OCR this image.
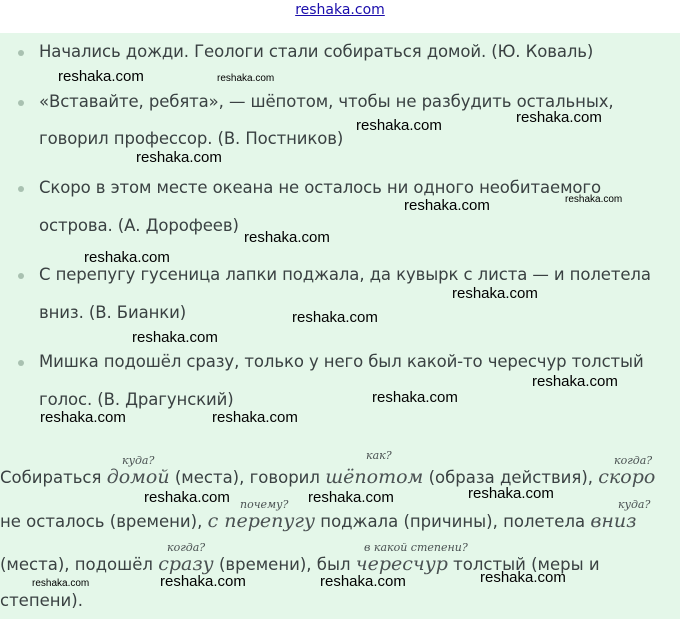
reshaka.com
Начались дожди. Геологи стали собираться домой. (Ю. Коваль)
«Вставайте, ребята», — шёпотом, чтобы не разбудить остальных,
говорил профессор. (В. Постников)
Скоро в этом месте океана не осталось ни одного необитаемого
острова. (А. Дорофеев)
С перепугу гусеница лапки поджала, да кувырк с листа — и полетела
вниз. (В. Бианки)
Мишка подошёл сразу, только у него был какой-то чересчур толстый
голос. (В. Драгунский)
Собираться домой (места), говорил шёпотом (образа действия), скоро
не осталось (времени), с перепугу поджала (причины), полетела вниз
(места), подошёл сразу (времени), был чересчур толстый (меры и
степени).
куда?	как?	когда?
почему?	куда?
когда?	в какой степени?
reshaka.com	reshaka.com
reshaka.com
reshaka.com
reshaka.com
reshaka.com
reshaka.com
reshaka.com
reshaka.com
reshaka.com
reshaka.com
reshaka.com
reshaka.com
reshaka.com
reshaka.com	reshaka.com
reshaka.com	reshaka.com	reshaka.com
reshaka.com
reshaka.com	reshaka.com
reshaka.com
